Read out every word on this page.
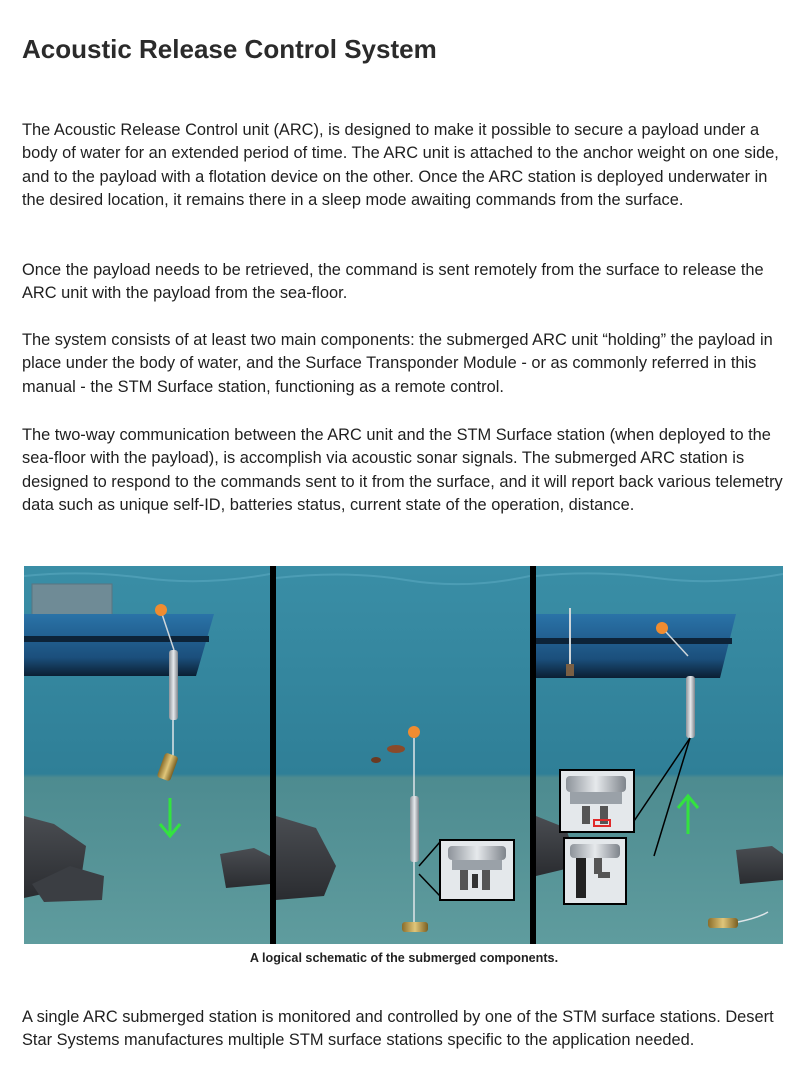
Acoustic Release Control System

The Acoustic Release Control unit (ARC), is designed to make it possible to secure a payload under a body of water for an extended period of time. The ARC unit is attached to the anchor weight on one side, and to the payload with a flotation device on the other. Once the ARC station is deployed underwater in the desired location, it remains there in a sleep mode awaiting commands from the surface.

Once the payload needs to be retrieved, the command is sent remotely from the surface to release the ARC unit with the payload from the sea-floor.

The system consists of at least two main components: the submerged ARC unit “holding” the payload in place under the body of water, and the Surface Transponder Module - or as commonly referred in this manual - the STM Surface station, functioning as a remote control.

The two-way communication between the ARC unit and the STM Surface station (when deployed to the sea-floor with the payload), is accomplish via acoustic sonar signals. The submerged ARC station is designed to respond to the commands sent to it from the surface, and it will report back various telemetry data such as unique self-ID, batteries status, current state of the operation, distance.

A single ARC submerged station is monitored and controlled by one of the STM surface stations. Desert Star Systems manufactures multiple STM surface stations specific to the application needed.

A logical schematic of the submerged components.
